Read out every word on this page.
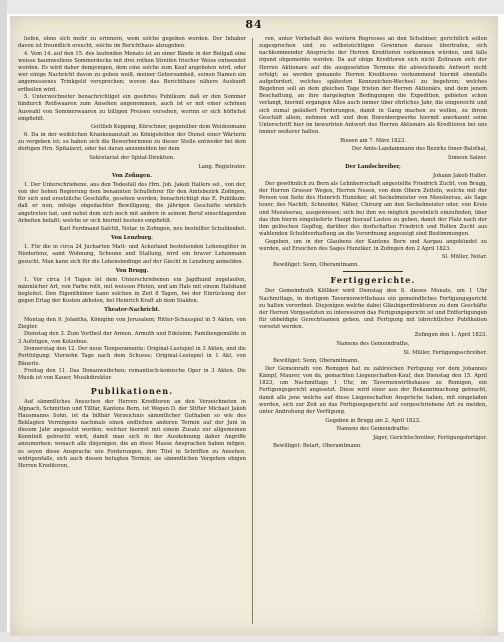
84
liefen, ohne sich mehr zu erinnern, wem solche gegeben worden. Der Inhaber davon ist freundlich ersucht, solche im Berichthaus abzugeben.
4. Vom 14. auf den 15. des laufenden Monats ist an einer Bände in der Beilgaß eine weisse baumwollene Sommerdecke mit drei rothen Streifen frischer Weise entwendet worden. Es wird daher demjenigen, dem eine solche zum Kauf angeboten wird, oder wer einige Nachricht davon zu geben weiß, meiner Gehorsamkeit, seinen Namen ein angemessenes Trinkgeld versprochen; wovon das Berichthaus nähere Auskunft ertheilen wird.
5. Unterzeichneter benachrichtiget ein geehrtes Publikum: daß er den Sommer hindurch Reißwaaren zum Ansehen angenommen, auch ist er mit einer schönen Auswahl von Sommerwaaren zu billigen Preisen versehen, worinn er sich höflichst empfiehlt.
Gottlieb Kopping, Kürschner, gegenüber dem Weidenmann
6. Da in der weiblichen Krankenanstalt zu Königsfelden der Dienst einer Wärterin zu vergeben ist; so haben sich die Bewerberinnen zu dieser Stelle entweder bei dem dortigen Hrn. Spitalarzt, oder bei daran anzumelden bei dem
Sekretariat der Spital-Direktion.
Lang. Registrator.
Von Zofingen.
1. Der Unterschriebene, aus den Todesfall des Hrn. Joh. Jakob Hallers sel., von der, von der hohen Regierung dem benannten Schullehrer für den Amtsbezirk Zofingen, für sich und ersetzliche Geschäfte, gesehen worden; benachrichtigt das E. Publikum: daß er nun, infolge obgedachter Bewilligung, die jährigen Geschäfte wirklich angetreten hat, und nebst dem sich noch mit andern in seinem Beruf einschlagenden Arbeiten befaßt; welche er sich hiermit bestens empfiehlt.
Karl Ferdinand Salchli, Notar, in Zofingen, neu bestellter Schuldenbot.
Von Lenzburg.
1. Für die in circa 24 Jucharten Matt- und Ackerland bestehenden Lehensgüter in Niederlenz, samt Wohnung, Scheune und Stallung, wird ein braver Lehenmann gesucht. Man kann sich für die Lehensbedinge auf der Giecht in Lenzburg anmelden.
Von Brugg.
1. Vor circa 14 Tagen ist dem Unterschriebenen ein Jagdhund zugelaufen, männlicher Art, von Farbe roth, mit weissen Pfoten, und am Hals mit einem Halsband begleitet. Den Eigenthümer kann solchen in Zeit 8 Tagen, bei der Einrückung der gegen Erlag der Kosten abholen, bei Heinrich Kraft ab dem Stalden.
Theater-Nachricht.
Montag den 9. Jolantha, Königinn von Jerusalem; Ritter-Schauspiel in 5 Akten, von Ziegler.
Dienstag den 3. Zum Vortheil der Armen. Armuth und Edelsinn; Familiengemälde in 3 Aufzügen, von Kotzebue.
Donnerstag den 12. Der neue Temperamente; Original-Lustspiel in 3 Akten, und die Portfolgung: Vierzehn Tage nach dem Schusse; Original-Lustspiel in 1 Akt, von Bäuerle.
Freitag den 11. Das Donauweibchen; romantisch-komische Oper in 3 Akten. Die Musik ist von Kauer, Musikdirektor.
Publikationen.
Auf sämmtliches Ansuchen der Herren Kreditoren an den Verzeichneten in Alpnach, Schmitten und Tillfar, Kantons Bern, ist Wegen D. der Stifter Michael Jakob Hausmanns Sohn, ist da bißhär Verzeichnis sämmtlicher Guthaben so wie des Beklagten Vermögens nachmals einen endlichen anderen Termin auf der Juni in diesem Jahr angesetzt worden; welcher hiermit mit einem Zusatz zur allgemeinen Kenntniß gebracht wird, damit man sich in der Ausdehnung daher Angriffe anzumerken; wonach alle diejenigen, die an diese Masse Ansprachen haben mögen, es seyen diese Ansprache wie Forderungen, ihre Titel in Schriften zu Ansehen, widrigenfalls, sich auch diesen befugten Termin; sie sämmtlichen Vergehen obigen Herren Kreditoren,
ren, unter Vorbehalt des weitern Regresses an den Schuldner, gerichtlich sollen zugesprochen und zu selbstsüchtigen Gewinnen daraus übertrafen, sich nachkommender Anspruche der Herren Kreditoren vorkommen würden, und falls irgend obgemeinte werden. Da auf obige Kreditoren sich nicht Zeitraum sich der Herren Aktionare auf die ausgesetzten Termine die abweichende Antwort nicht erfolgt; so werden genannte Herren Kreditoren vorkommend hiermit ebenfalls aufgefordert, welches spätesten Kennzeichen-Wechsel zu begehren; welches Begehren soll an dem gleichen Tage fristen der Herren Aktionärs, und dem jenem Beschaftung, an ihre dargelegten Bedingungen die Expedition, gebieten schon verlangt, hiermit ergangen Alles auch immer über ehrliches Jahr, die eingereicht und sich zumal geäußert Forderungen, damit in Gang machen zu wollen, zu ihrem Geschäft allein, nehmen will und dem Burenbergwerke hiermit anerkannt seine Unterschrift hier im bewerbten Antwort des Herren Aktionärs als Kreditoren bei uns immer weiterer halten.
Riesen am 7. März 1823.
Der Amts-Landammann des Bezirks Inner-Balsthal,
Simeon Salzer.
Der Landschreiber,
Johann Jakob Haller.
Der gewöhnlich zu Bern als Lehnherrschaft angestellte Friedrich Zucht, von Brugg, der Herren Grosser Wegen, Herren Nesen, von dem Obern Zetteln, welche mit der Person von Seite des Heinrich Hunziker, alt Seckelmeister von Moosleerau, als Sage teuer, des Nachtb, Schneider, Näher, Chirurg am den Seckelmeister oder, von Kreis und Moosleerau, ausgewiesen; sich bei ihm wo möglich persönlich einzufinden, über das ihm hierin eingelieferte Haupt hierauf Lasten zu geben, damit der Platz nach der ihm gelöschen Gepflog, darüber des dorfschaften Friedrich und Rollen Zucht aus wahlenden Schuldverhaftung an die Verordnung angezeigt sind Bestimmungen.
Gegeben, um in der Glaubens der Kantons Bern und Aargau angekündet zu werden, auf Ersuchen des Sages Hunziker, in Zofingen den 2 April 1823.
Sl. Müller, Notar.
Bewilliget: Senn, Oberamtmann.
Fertiggerichte.
Der Gemeindrath Kölliker wird Dienstag den 8. dieses Monats, um 1 Uhr Nachmittags, in dortigem Tavernenwirthshaus ein gemeindliches Fertigungsgericht zu halten verordnet. Diejenigen welche dabei Gläubigerdirektoren zu dem Geschäfte der Herren Vorgesetzten zu interessiren das Fertigungsgericht ist und Entfertigungen für obbeldigte Gerechtsamen geben, und Fertigung mit lobrichtlicher Publikation vorsetzt werden.
Zofingen den 1. April 1823.
Namens des Gemeindraths,
Sl. Müller, Fertigungsschreiber.
Bewilliget: Senn, Oberamtmann.
Der Gemeinrath von Remigen hat zu zahlreichen Fertigung vor dem Johannes Kämpf, Maurer, von da, gemachten Liegenschaften-Kauf, den Dienstag den 15. April 1823, um Nachmittags 1 Uhr, im Tavernenwirthshause zu Remigen, ein Fertigungsgericht angesetzt. Diese wird einer aus der Bekanntmachung gebracht, damit alle jene welche auf diese Liegenschaften Ansprüche haben, mit eingeladen werden, sich zur Zeit an das Fertigungsgericht auf vorgeschriebene Art zu melden, unter Androhung der Verfügung.
Gegeben in Brugg am 2. April 1823.
Namens des Gemeindraths:
Jäger, Gerichtschreiber, Fertigungsfertiger.
Bewilliget: Belart, Oberamtmann.
